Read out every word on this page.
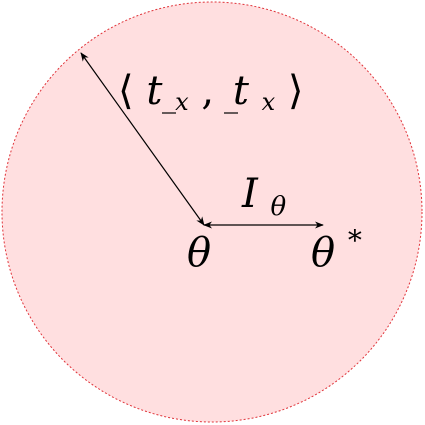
⟨ t x , t x ⟩
I $_\theta$
θ θ *
